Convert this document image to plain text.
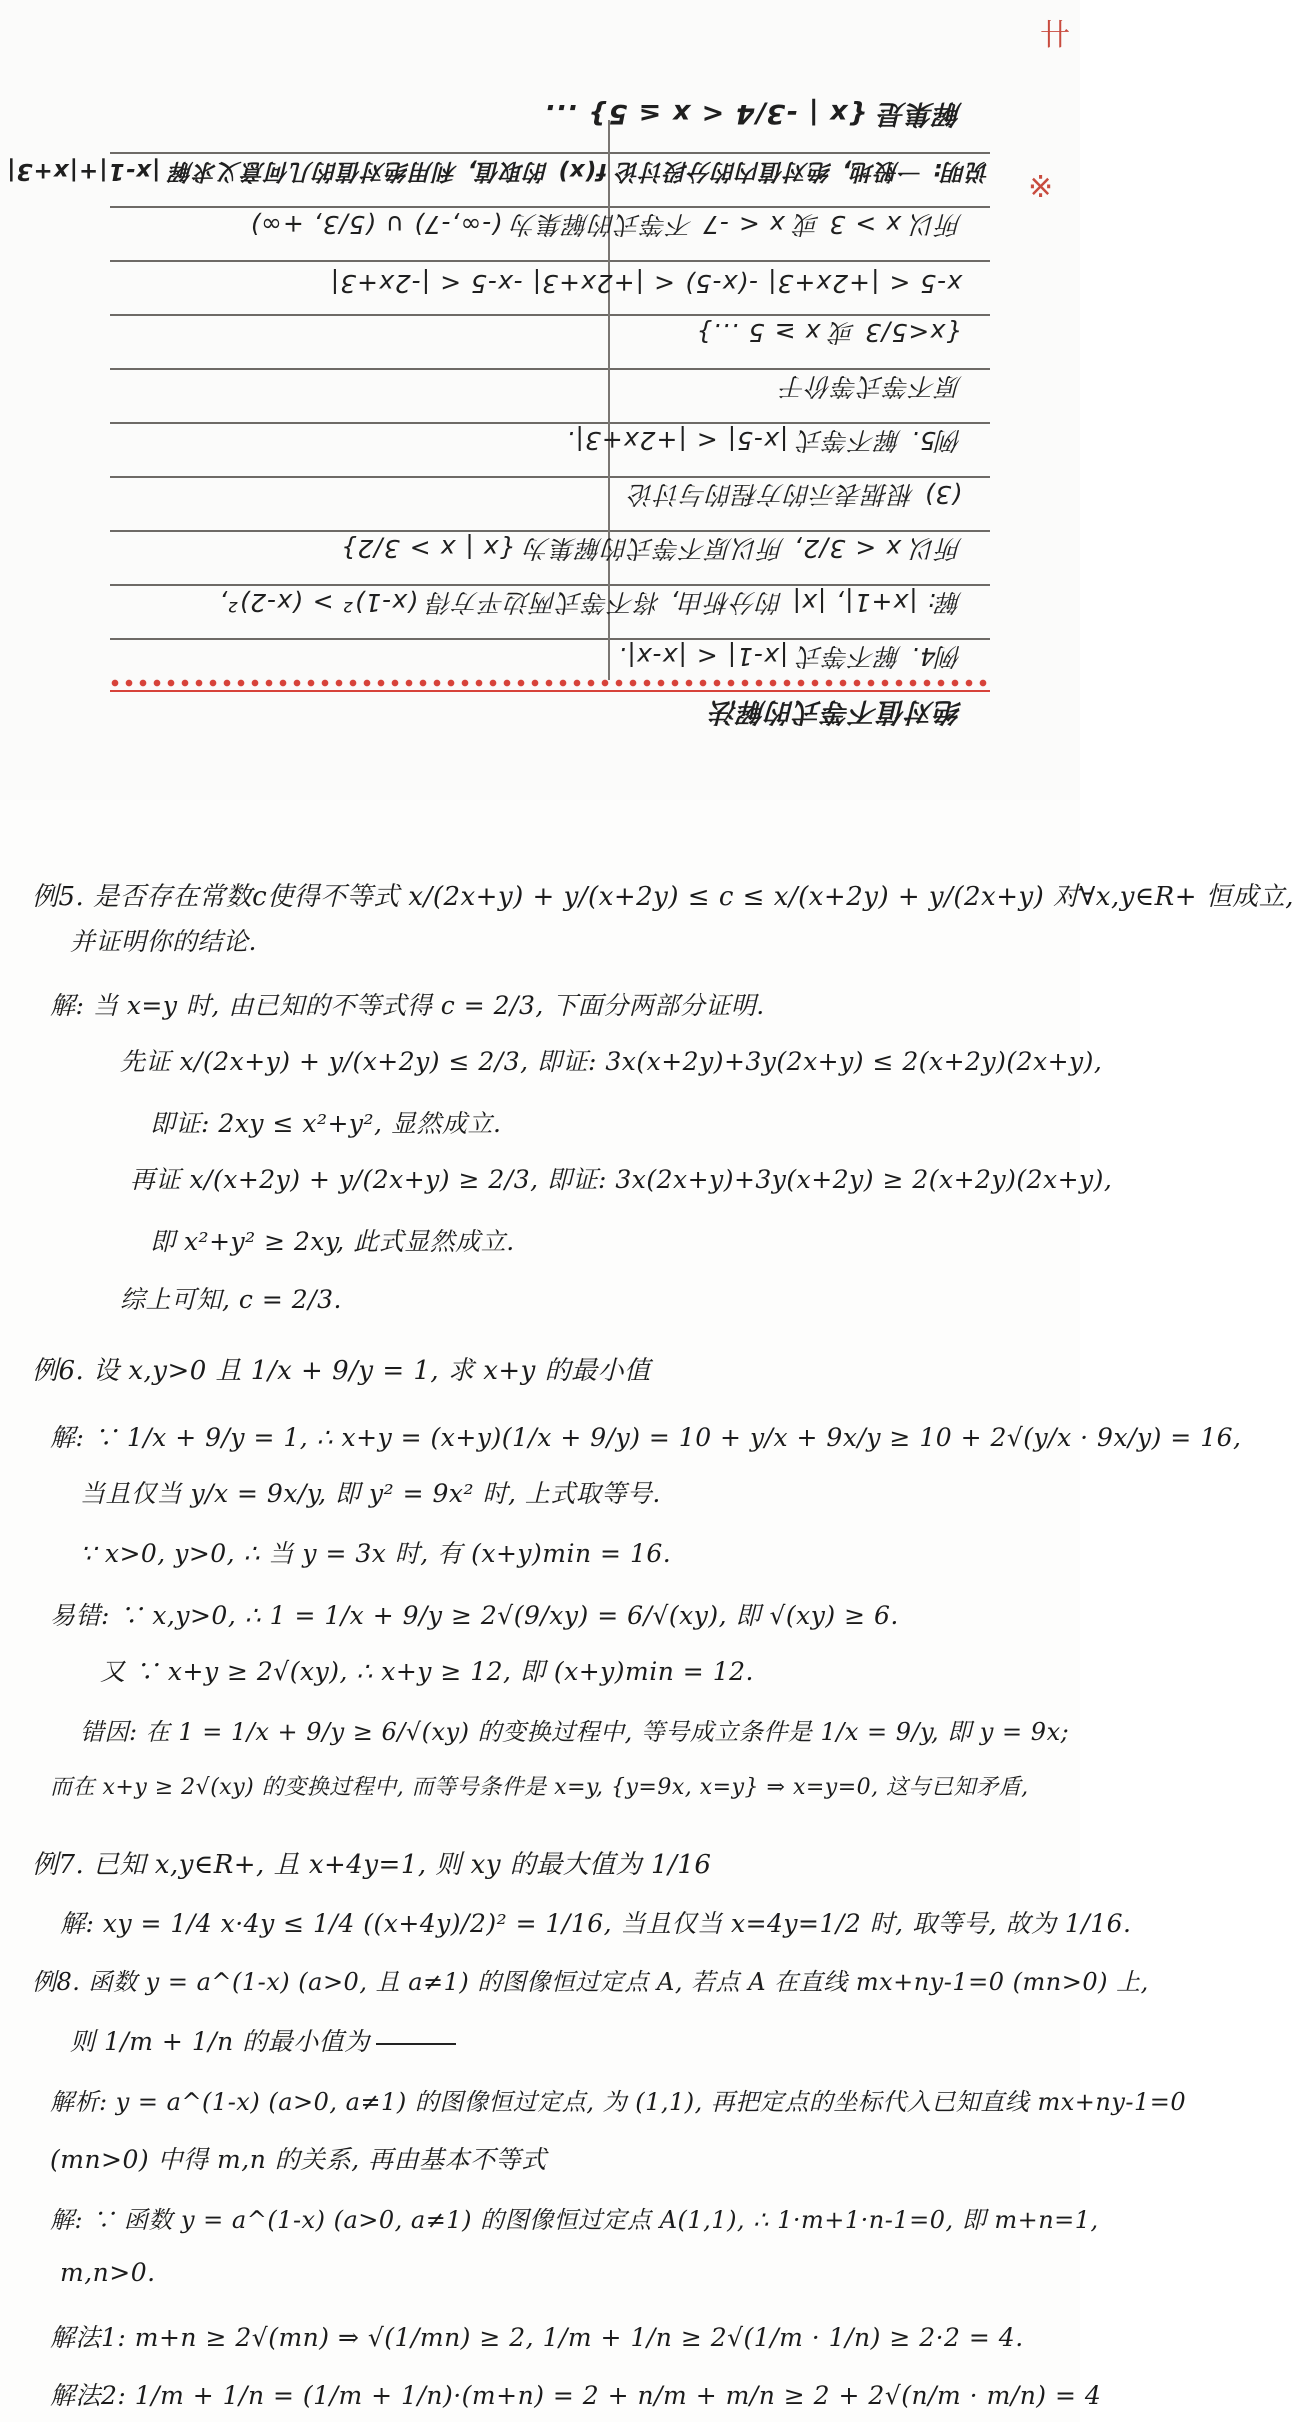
绝对值不等式的解法
例4. 解不等式 |x-1| < |x-x|.
解: |x+1|, |x| 的分析由, 将不等式两边平方得 (x-1)² > (x-2)²,
所以 x < 3/2, 所以原不等式的解集为 {x | x > 3/2}
(3) 根据表示的方程的与讨论
例5. 解不等式 |x-5| < |+2x+3|.
原不等式等价于
{x<5/3 或 x ≥ 5 ...}
x-5 < |+2x+3| -(x-5) < |+2x+3| -x-5 < |-2x+3|
所以 x > 3 或 x < -7 不等式的解集为 (-∞,-7) ∪ (5/3, +∞)
说明: 一般地, 绝对值内的分段讨论 f(x) 的取值, 利用绝对值的几何意义求解 |x-1|+|x+3|
解集是 {x | -3/4 < x ≤ 5} ...
卄
※
例5. 是否存在常数c使得不等式 x/(2x+y) + y/(x+2y) ≤ c ≤ x/(x+2y) + y/(2x+y) 对∀x,y∈R+ 恒成立,
并证明你的结论.
解: 当 x=y 时, 由已知的不等式得 c = 2/3, 下面分两部分证明.
先证 x/(2x+y) + y/(x+2y) ≤ 2/3, 即证: 3x(x+2y)+3y(2x+y) ≤ 2(x+2y)(2x+y),
即证: 2xy ≤ x²+y², 显然成立.
再证 x/(x+2y) + y/(2x+y) ≥ 2/3, 即证: 3x(2x+y)+3y(x+2y) ≥ 2(x+2y)(2x+y),
即 x²+y² ≥ 2xy, 此式显然成立.
综上可知, c = 2/3.
例6. 设 x,y>0 且 1/x + 9/y = 1, 求 x+y 的最小值
解: ∵ 1/x + 9/y = 1, ∴ x+y = (x+y)(1/x + 9/y) = 10 + y/x + 9x/y ≥ 10 + 2√(y/x · 9x/y) = 16,
当且仅当 y/x = 9x/y, 即 y² = 9x² 时, 上式取等号.
∵ x>0, y>0, ∴ 当 y = 3x 时, 有 (x+y)min = 16.
易错: ∵ x,y>0, ∴ 1 = 1/x + 9/y ≥ 2√(9/xy) = 6/√(xy), 即 √(xy) ≥ 6.
又 ∵ x+y ≥ 2√(xy), ∴ x+y ≥ 12, 即 (x+y)min = 12.
错因: 在 1 = 1/x + 9/y ≥ 6/√(xy) 的变换过程中, 等号成立条件是 1/x = 9/y, 即 y = 9x;
而在 x+y ≥ 2√(xy) 的变换过程中, 而等号条件是 x=y, {y=9x, x=y} ⇒ x=y=0, 这与已知矛盾,
例7. 已知 x,y∈R+, 且 x+4y=1, 则 xy 的最大值为 1/16
解: xy = 1/4 x·4y ≤ 1/4 ((x+4y)/2)² = 1/16, 当且仅当 x=4y=1/2 时, 取等号, 故为 1/16.
例8. 函数 y = a^(1-x) (a>0, 且 a≠1) 的图像恒过定点 A, 若点 A 在直线 mx+ny-1=0 (mn>0) 上,
则 1/m + 1/n 的最小值为
解析: y = a^(1-x) (a>0, a≠1) 的图像恒过定点, 为 (1,1), 再把定点的坐标代入已知直线 mx+ny-1=0
(mn>0) 中得 m,n 的关系, 再由基本不等式
解: ∵ 函数 y = a^(1-x) (a>0, a≠1) 的图像恒过定点 A(1,1), ∴ 1·m+1·n-1=0, 即 m+n=1,
m,n>0.
解法1: m+n ≥ 2√(mn) ⇒ √(1/mn) ≥ 2, 1/m + 1/n ≥ 2√(1/m · 1/n) ≥ 2·2 = 4.
解法2: 1/m + 1/n = (1/m + 1/n)·(m+n) = 2 + n/m + m/n ≥ 2 + 2√(n/m · m/n) = 4
